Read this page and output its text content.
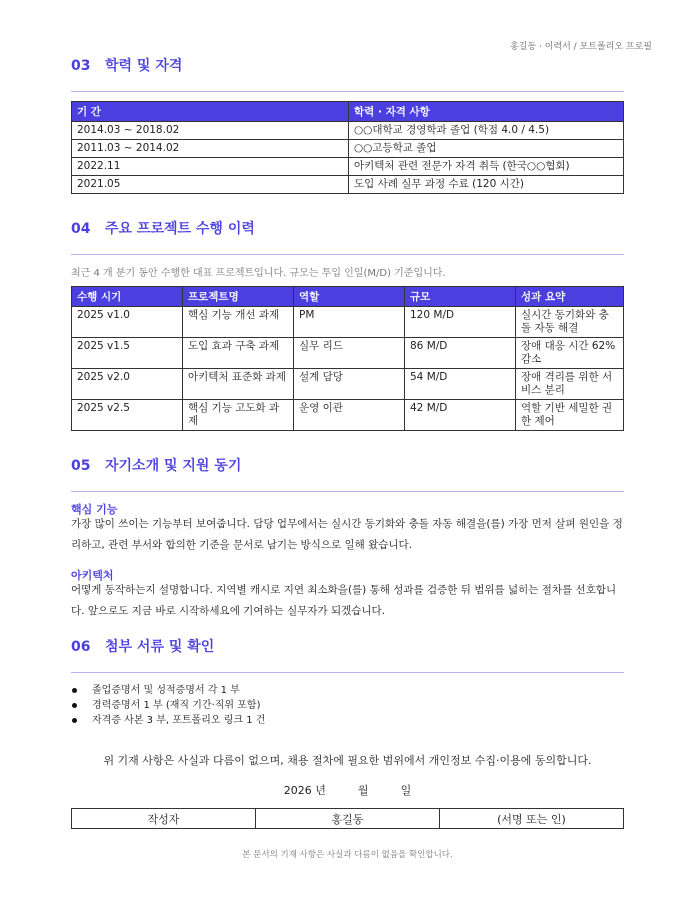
홍길동 · 이력서 / 포트폴리오 프로필
03 학력 및 자격
기 간	학력 · 자격 사항
2014.03 ~ 2018.02	○○대학교 경영학과 졸업 (학점 4.0 / 4.5)
2011.03 ~ 2014.02	○○고등학교 졸업
2022.11	아키텍처 관련 전문가 자격 취득 (한국○○협회)
2021.05	도입 사례 실무 과정 수료 (120 시간)
04 주요 프로젝트 수행 이력
최근 4 개 분기 동안 수행한 대표 프로젝트입니다. 규모는 투입 인일(M/D) 기준입니다.
수행 시기	프로젝트명	역할	규모	성과 요약
2025 v1.0	핵심 기능 개선 과제	PM	120 M/D	실시간 동기화와 충돌 자동 해결
2025 v1.5	도입 효과 구축 과제	실무 리드	86 M/D	장애 대응 시간 62% 감소
2025 v2.0	아키텍처 표준화 과제	설계 담당	54 M/D	장애 격리를 위한 서비스 분리
2025 v2.5	핵심 기능 고도화 과제	운영 이관	42 M/D	역할 기반 세밀한 권한 제어
05 자기소개 및 지원 동기
핵심 기능
가장 많이 쓰이는 기능부터 보여줍니다. 담당 업무에서는 실시간 동기화와 충돌 자동 해결을(를) 가장 먼저 살펴 원인을 정리하고, 관련 부서와 합의한 기준을 문서로 남기는 방식으로 일해 왔습니다.
아키텍처
어떻게 동작하는지 설명합니다. 지역별 캐시로 지연 최소화을(를) 통해 성과를 검증한 뒤 범위를 넓히는 절차를 선호합니다. 앞으로도 지금 바로 시작하세요에 기여하는 실무자가 되겠습니다.
06 첨부 서류 및 확인
졸업증명서 및 성적증명서 각 1 부
경력증명서 1 부 (재직 기간·직위 포함)
자격증 사본 3 부, 포트폴리오 링크 1 건
위 기재 사항은 사실과 다름이 없으며, 채용 절차에 필요한 범위에서 개인정보 수집·이용에 동의합니다.
2026 년	월	일
작성자	홍길동	(서명 또는 인)
본 문서의 기재 사항은 사실과 다름이 없음을 확인합니다.
